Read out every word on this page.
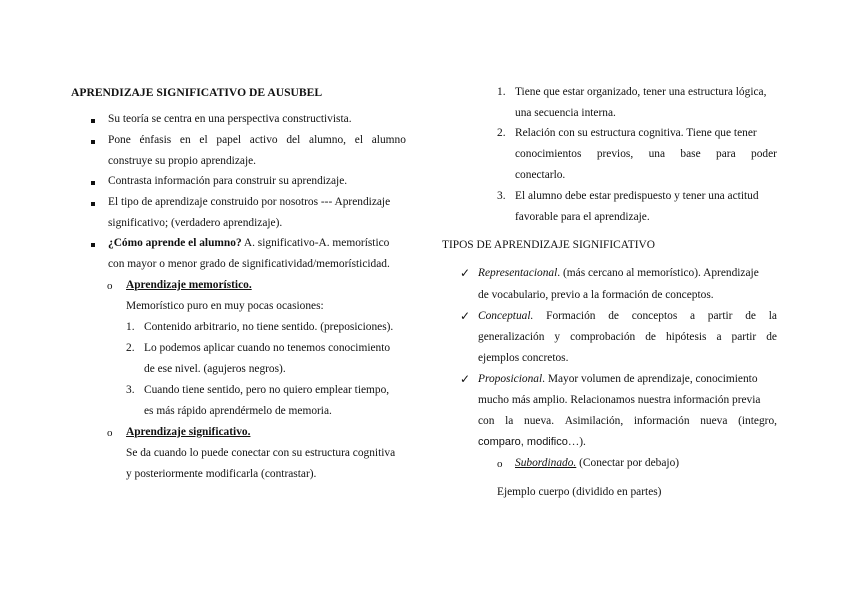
APRENDIZAJE SIGNIFICATIVO DE AUSUBEL
Su teoría se centra en una perspectiva constructivista.
Pone énfasis en el papel activo del alumno, el alumno
construye su propio aprendizaje.
Contrasta información para construir su aprendizaje.
El tipo de aprendizaje construido por nosotros --- Aprendizaje
significativo; (verdadero aprendizaje).
¿Cómo aprende el alumno? A. significativo-A. memorístico
con mayor o menor grado de significatividad/memorísticidad.
o Aprendizaje memorístico.
Memorístico puro en muy pocas ocasiones:
1. Contenido arbitrario, no tiene sentido. (preposiciones).
2. Lo podemos aplicar cuando no tenemos conocimiento
de ese nivel. (agujeros negros).
3. Cuando tiene sentido, pero no quiero emplear tiempo,
es más rápido aprendérmelo de memoria.
o Aprendizaje significativo.
Se da cuando lo puede conectar con su estructura cognitiva
y posteriormente modificarla (contrastar).
1. Tiene que estar organizado, tener una estructura lógica,
una secuencia interna.
2. Relación con su estructura cognitiva. Tiene que tener
conocimientos previos, una base para poder
conectarlo.
3. El alumno debe estar predispuesto y tener una actitud
favorable para el aprendizaje.
TIPOS DE APRENDIZAJE SIGNIFICATIVO
✓ Representacional. (más cercano al memorístico). Aprendizaje
de vocabulario, previo a la formación de conceptos.
✓ Conceptual. Formación de conceptos a partir de la
generalización y comprobación de hipótesis a partir de
ejemplos concretos.
✓ Proposicional. Mayor volumen de aprendizaje, conocimiento
mucho más amplio. Relacionamos nuestra información previa
con la nueva. Asimilación, información nueva (integro,
comparo, modifico…).
o Subordinado. (Conectar por debajo)
Ejemplo cuerpo (dividido en partes)
